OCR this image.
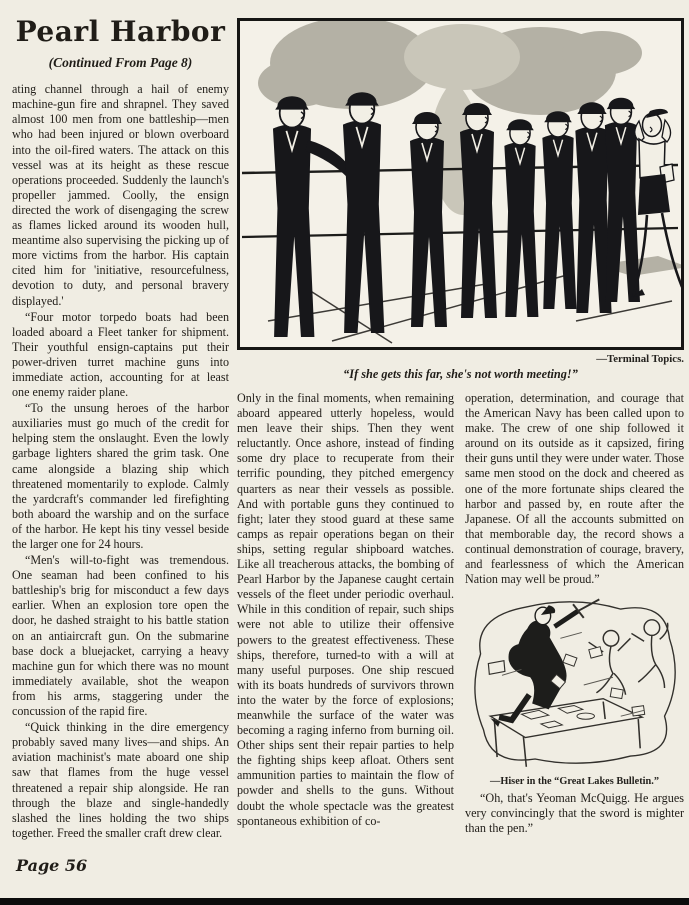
Pearl Harbor
(Continued From Page 8)

ating channel through a hail of enemy machine-gun fire and shrapnel. They saved almost 100 men from one battleship—men who had been injured or blown overboard into the oil-fired waters. The attack on this vessel was at its height as these rescue operations proceeded. Suddenly the launch's propeller jammed. Coolly, the ensign directed the work of disengaging the screw as flames licked around its wooden hull, meantime also supervising the picking up of more victims from the harbor. His captain cited him for 'initiative, resourcefulness, devotion to duty, and personal bravery displayed.'

“Four motor torpedo boats had been loaded aboard a Fleet tanker for shipment. Their youthful ensign-captains put their power-driven turret machine guns into immediate action, accounting for at least one enemy raider plane.

“To the unsung heroes of the harbor auxiliaries must go much of the credit for helping stem the onslaught. Even the lowly garbage lighters shared the grim task. One came alongside a blazing ship which threatened momentarily to explode. Calmly the yardcraft's commander led firefighting both aboard the warship and on the surface of the harbor. He kept his tiny vessel beside the larger one for 24 hours.

“Men's will-to-fight was tremendous. One seaman had been confined to his battleship's brig for misconduct a few days earlier. When an explosion tore open the door, he dashed straight to his battle station on an antiaircraft gun. On the submarine base dock a bluejacket, carrying a heavy machine gun for which there was no mount immediately available, shot the weapon from his arms, staggering under the concussion of the rapid fire.

“Quick thinking in the dire emergency probably saved many lives—and ships. An aviation machinist's mate aboard one ship saw that flames from the huge vessel threatened a repair ship alongside. He ran through the blaze and single-handedly slashed the lines holding the two ships together. Freed the smaller craft drew clear.

—Terminal Topics.
“If she gets this far, she's not worth meeting!”

Only in the final moments, when remaining aboard appeared utterly hopeless, would men leave their ships. Then they went reluctantly. Once ashore, instead of finding some dry place to recuperate from their terrific pounding, they pitched emergency quarters as near their vessels as possible. And with portable guns they continued to fight; later they stood guard at these same camps as repair operations began on their ships, setting regular shipboard watches. Like all treacherous attacks, the bombing of Pearl Harbor by the Japanese caught certain vessels of the fleet under periodic overhaul. While in this condition of repair, such ships were not able to utilize their offensive powers to the greatest effectiveness. These ships, therefore, turned-to with a will at many useful purposes. One ship rescued with its boats hundreds of survivors thrown into the water by the force of explosions; meanwhile the surface of the water was becoming a raging inferno from burning oil. Other ships sent their repair parties to help the fighting ships keep afloat. Others sent ammunition parties to maintain the flow of powder and shells to the guns. Without doubt the whole spectacle was the greatest spontaneous exhibition of co-

operation, determination, and courage that the American Navy has been called upon to make. The crew of one ship followed it around on its outside as it capsized, firing their guns until they were under water. Those same men stood on the dock and cheered as one of the more fortunate ships cleared the harbor and passed by, en route after the Japanese. Of all the accounts submitted on that memborable day, the record shows a continual demonstration of courage, bravery, and fearlessness of which the American Nation may well be proud.”

—Hiser in the “Great Lakes Bulletin.”
“Oh, that's Yeoman McQuigg. He argues very convincingly that the sword is mighter than the pen.”
Page 56
